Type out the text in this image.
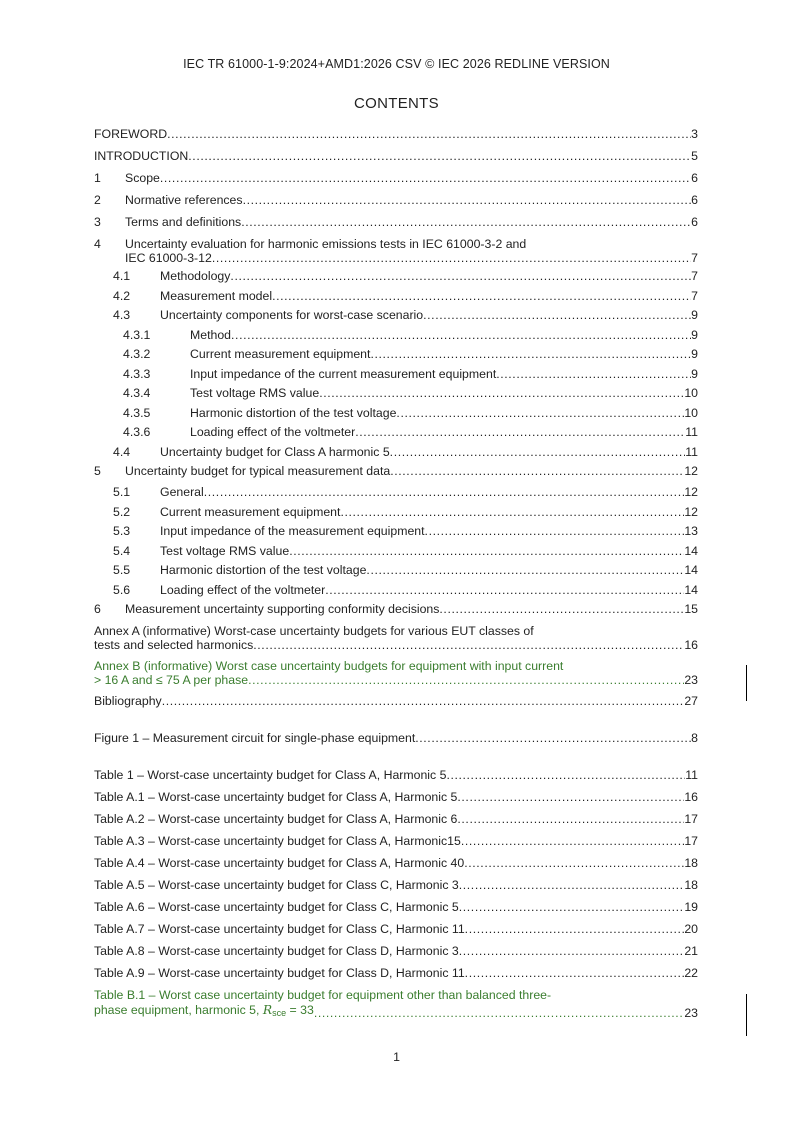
IEC TR 61000-1-9:2024+AMD1:2026 CSV © IEC 2026 REDLINE VERSION
CONTENTS
FOREWORD .....	3
INTRODUCTION .....	5
1	Scope .....	6
2	Normative references .....	6
3	Terms and definitions .....	6
4	Uncertainty evaluation for harmonic emissions tests in IEC 61000-3-2 and
IEC 61000-3-12 .....	7
4.1	Methodology .....	7
4.2	Measurement model .....	7
4.3	Uncertainty components for worst-case scenario .....	9
4.3.1	Method .....	9
4.3.2	Current measurement equipment .....	9
4.3.3	Input impedance of the current measurement equipment .....	9
4.3.4	Test voltage RMS value .....	10
4.3.5	Harmonic distortion of the test voltage .....	10
4.3.6	Loading effect of the voltmeter .....	11
4.4	Uncertainty budget for Class A harmonic 5 .....	11
5	Uncertainty budget for typical measurement data .....	12
5.1	General .....	12
5.2	Current measurement equipment .....	12
5.3	Input impedance of the measurement equipment .....	13
5.4	Test voltage RMS value .....	14
5.5	Harmonic distortion of the test voltage .....	14
5.6	Loading effect of the voltmeter .....	14
6	Measurement uncertainty supporting conformity decisions .....	15
Annex A (informative) Worst-case uncertainty budgets for various EUT classes of
tests and selected harmonics .....	16
Annex B (informative) Worst case uncertainty budgets for equipment with input current
> 16 A and ≤ 75 A per phase .....	23
Bibliography .....	27
Figure 1 – Measurement circuit for single-phase equipment .....	8
Table 1 – Worst-case uncertainty budget for Class A, Harmonic 5 .....	11
Table A.1 – Worst-case uncertainty budget for Class A, Harmonic 5 .....	16
Table A.2 – Worst-case uncertainty budget for Class A, Harmonic 6 .....	17
Table A.3 – Worst-case uncertainty budget for Class A, Harmonic15 .....	17
Table A.4 – Worst-case uncertainty budget for Class A, Harmonic 40 .....	18
Table A.5 – Worst-case uncertainty budget for Class C, Harmonic 3 .....	18
Table A.6 – Worst-case uncertainty budget for Class C, Harmonic 5 .....	19
Table A.7 – Worst-case uncertainty budget for Class C, Harmonic 11 .....	20
Table A.8 – Worst-case uncertainty budget for Class D, Harmonic 3 .....	21
Table A.9 – Worst-case uncertainty budget for Class D, Harmonic 11 .....	22
Table B.1 – Worst case uncertainty budget for equipment other than balanced three-
phase equipment, harmonic 5, $R_{sce} = 33$ .....	23
1
